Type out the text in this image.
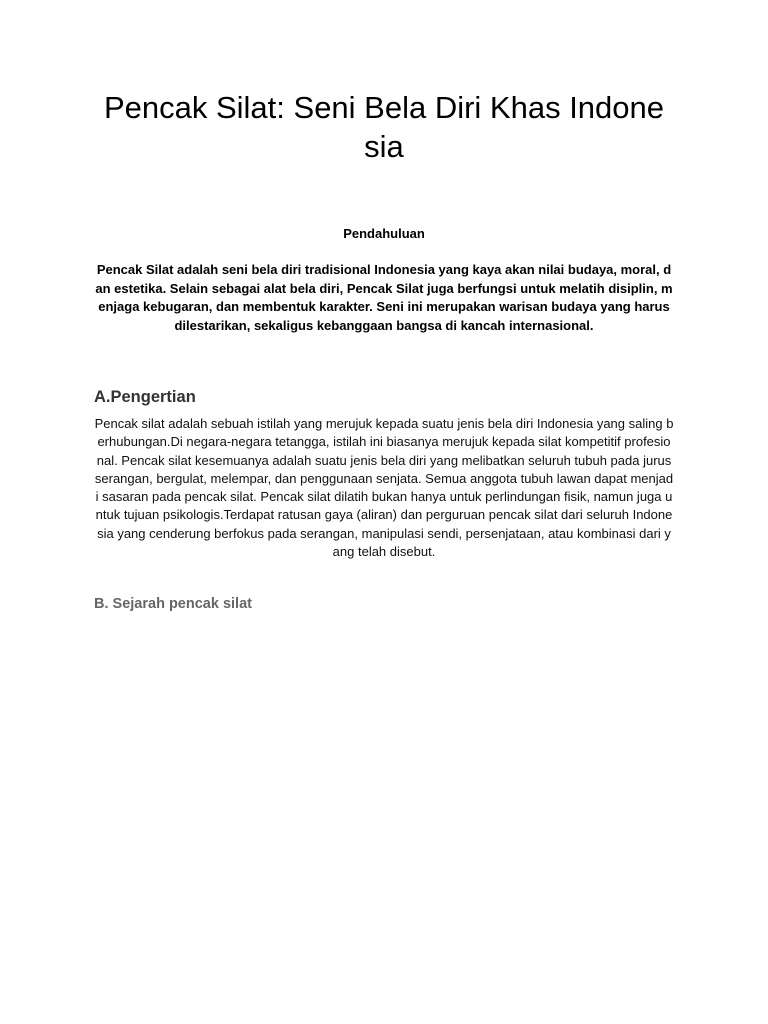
Pencak Silat: Seni Bela Diri Khas Indonesia
Pendahuluan

Pencak Silat adalah seni bela diri tradisional Indonesia yang kaya akan nilai budaya, moral, dan estetika. Selain sebagai alat bela diri, Pencak Silat juga berfungsi untuk melatih disiplin, menjaga kebugaran, dan membentuk karakter. Seni ini merupakan warisan budaya yang harus dilestarikan, sekaligus kebanggaan bangsa di kancah internasional.

A.Pengertian

Pencak silat adalah sebuah istilah yang merujuk kepada suatu jenis bela diri Indonesia yang saling berhubungan.Di negara-negara tetangga, istilah ini biasanya merujuk kepada silat kompetitif profesional. Pencak silat kesemuanya adalah suatu jenis bela diri yang melibatkan seluruh tubuh pada jurus serangan, bergulat, melempar, dan penggunaan senjata. Semua anggota tubuh lawan dapat menjadi sasaran pada pencak silat. Pencak silat dilatih bukan hanya untuk perlindungan fisik, namun juga untuk tujuan psikologis.Terdapat ratusan gaya (aliran) dan perguruan pencak silat dari seluruh Indonesia yang cenderung berfokus pada serangan, manipulasi sendi, persenjataan, atau kombinasi dari yang telah disebut.

B. Sejarah pencak silat
